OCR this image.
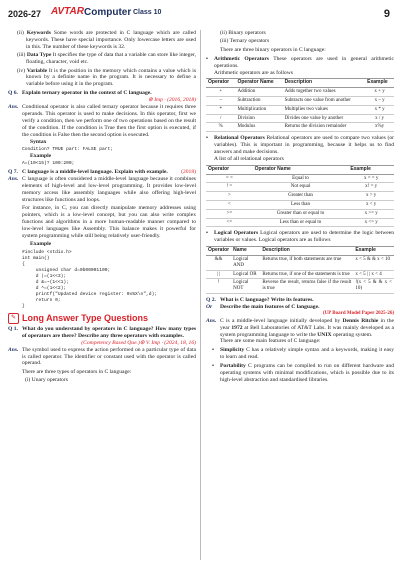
2026-27 AVTAR Computer Class 10	9

(ii) Keywords Some words are protected in C language which are called keywords. These have special importance. Only lowercase letters are used in this. The number of these keywords is 32.

(iii) Data Type It specifies the type of data that a variable can store like integer, floating, character, void etc.

(iv) Variable It is the position in the memory which contains a value which is known by a definite name in the program. It is necessary to define a variable before using it in the program.

Q 6. Explain ternary operator in the context of C language.
⊛ Imp · (2016, 2018)
Ans. Conditional operator is also called ternary operator because it requires three operands. This operator is used to make decisions. In this operator, first we verify a condition, then we perform one of two operations based on the result of the condition. If the condition is True then the first option is executed, if the condition is False then the second option is executed.

Syntax

Condition? TRUE part: FALSE part;

Example

A=(10<15)? 100:200;
Q 7. C language is a middle-level language. Explain with example. (2018)
Ans. C language is often considered a middle-level language because it combines elements of high-level and low-level programming. It provides low-level memory access like assembly languages while also offering high-level structures like functions and loops.

For instance, in C, you can directly manipulate memory addresses using pointers, which is a low-level concept, but you can also write complex functions and algorithms in a more human-readable manner compared to low-level languages like Assembly. This balance makes it powerful for system programming while still being relatively user-friendly.

Example

#include <stdio.h>
int main()
{
unsigned char d=0b00001100;
d |=(1<<3);
d &=~(1<<1);
d ^=(1<<2);
printf("Updated device register: 0x%X\n",d);
return 0;
}
✎ Long Answer Type Questions
Q 1. What do you understand by operators in C language? How many types of operators are there? Describe any three operators with examples.
⊛ V. Imp · (2024, 18, 16)

(Competency Based Que.)
Ans. The symbol used to express the action performed on a particular type of data is called operator. The identifier or constant used with the operator is called operand.

There are three types of operators in C language:

(i) Unary operators

(ii) Binary operators

(iii) Ternary operators

There are three binary operators in C language:

•	Arithmetic Operators These operators are used in general arithmetic operations.
Arithmetic operators are as follows
Operator	Operator Name	Description	Example
+	Addition	Adds together two values	x + y
–	Subtraction	Subtracts one value from another	x – y
*	Multiplication	Multiplies two values	x * y
/	Division	Divides one value by another	x / y
%	Modulus	Returns the division remainder	x%y
•	Relational Operators Relational operators are used to compare two values (or variables). This is important in programming, because it helps us to find answers and make decisions.
A list of all relational operators
Operator	Operator Name	Example
= =	Equal to	x = = y
! =	Not equal	x! = y
>	Greater than	x > y
<	Less than	x < y
>=	Greater than or equal to	x >= y
<=	Less than or equal to	x <= y
•	Logical Operators Logical operators are used to determine the logic between variables or values. Logical operators are as follows
Operator	Name	Description	Example
&&	Logical AND	Returns true, if both statements are true	x < 5 & & x < 10
| |	Logical OR	Returns true, if one of the statements is true	x < 5 | | x < 4
!	Logical NOT	Reverse the result, returns false if the result is true	!(x < 5 & & x < 10)
Q 2. What is C language? Write its features.
Or	Describe the main features of C language.
(UP Board Model Paper 2025-26)
Ans. C is a middle-level language initially developed by Dennis Ritchie in the year 1972 at Bell Laboratories of AT&T Labs. It was mainly developed as a system programming language to write the UNIX operating system.

There are some main features of C language:

•	Simplicity C has a relatively simple syntax and a keywords, making it easy to learn and read.
•	Portability C programs can be compiled to run on different hardware and operating systems with minimal modifications, which is possible due to its high-level abstraction and standardised libraries.
